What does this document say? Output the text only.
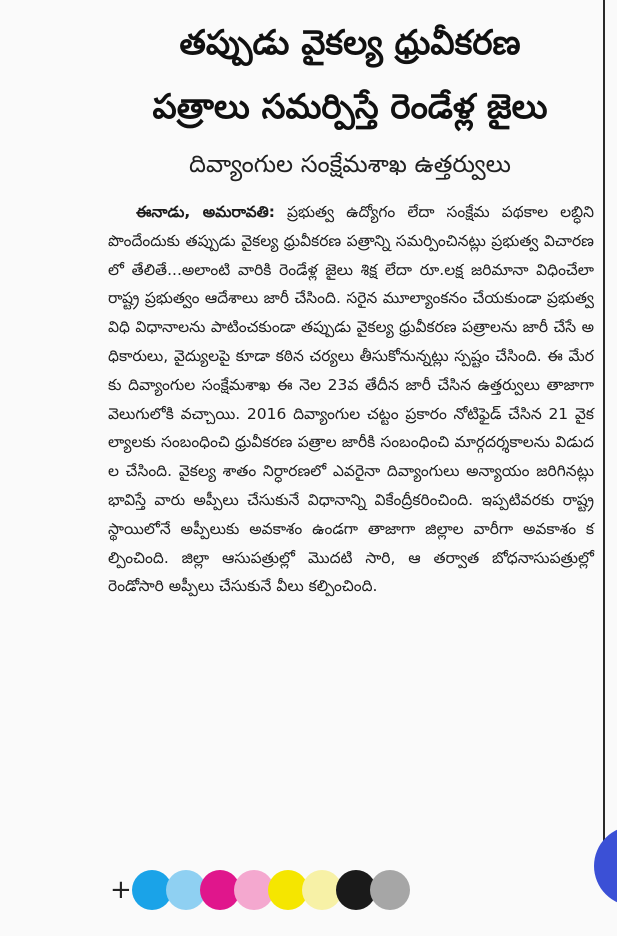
తప్పుడు వైకల్య ధ్రువీకరణ
పత్రాలు సమర్పిస్తే రెండేళ్ల జైలు
దివ్యాంగుల సంక్షేమశాఖ ఉత్తర్వులు

ఈనాడు, అమరావతి: ప్రభుత్వ ఉద్యోగం లేదా సంక్షేమ పథకాల లబ్ధిని పొందేందుకు తప్పుడు వైకల్య ధ్రువీకరణ పత్రాన్ని సమర్పించినట్లు ప్రభుత్వ విచారణలో తేలితే...అలాంటి వారికి రెండేళ్ల జైలు శిక్ష లేదా రూ.లక్ష జరిమానా విధించేలా రాష్ట్ర ప్రభుత్వం ఆదేశాలు జారీ చేసింది. సరైన మూల్యాంకనం చేయకుండా ప్రభుత్వ విధి విధానాలను పాటించకుండా తప్పుడు వైకల్య ధ్రువీకరణ పత్రాలను జారీ చేసే అధికారులు, వైద్యులపై కూడా కఠిన చర్యలు తీసుకోనున్నట్లు స్పష్టం చేసింది. ఈ మేరకు దివ్యాంగుల సంక్షేమశాఖ ఈ నెల 23వ తేదీన జారీ చేసిన ఉత్తర్వులు తాజాగా వెలుగులోకి వచ్చాయి. 2016 దివ్యాంగుల చట్టం ప్రకారం నోటిఫైడ్ చేసిన 21 వైకల్యాలకు సంబంధించి ధ్రువీకరణ పత్రాల జారీకి సంబంధించి మార్గదర్శకాలను విడుదల చేసింది. వైకల్య శాతం నిర్ధారణలో ఎవరైనా దివ్యాంగులు అన్యాయం జరిగినట్లు భావిస్తే వారు అప్పీలు చేసుకునే విధానాన్ని వికేంద్రీకరించింది. ఇప్పటివరకు రాష్ట్రస్థాయిలోనే అప్పీలుకు అవకాశం ఉండగా తాజాగా జిల్లాల వారీగా అవకాశం కల్పించింది. జిల్లా ఆసుపత్రుల్లో మొదటి సారి, ఆ తర్వాత బోధనాసుపత్రుల్లో రెండోసారి అప్పీలు చేసుకునే వీలు కల్పించింది.

+
